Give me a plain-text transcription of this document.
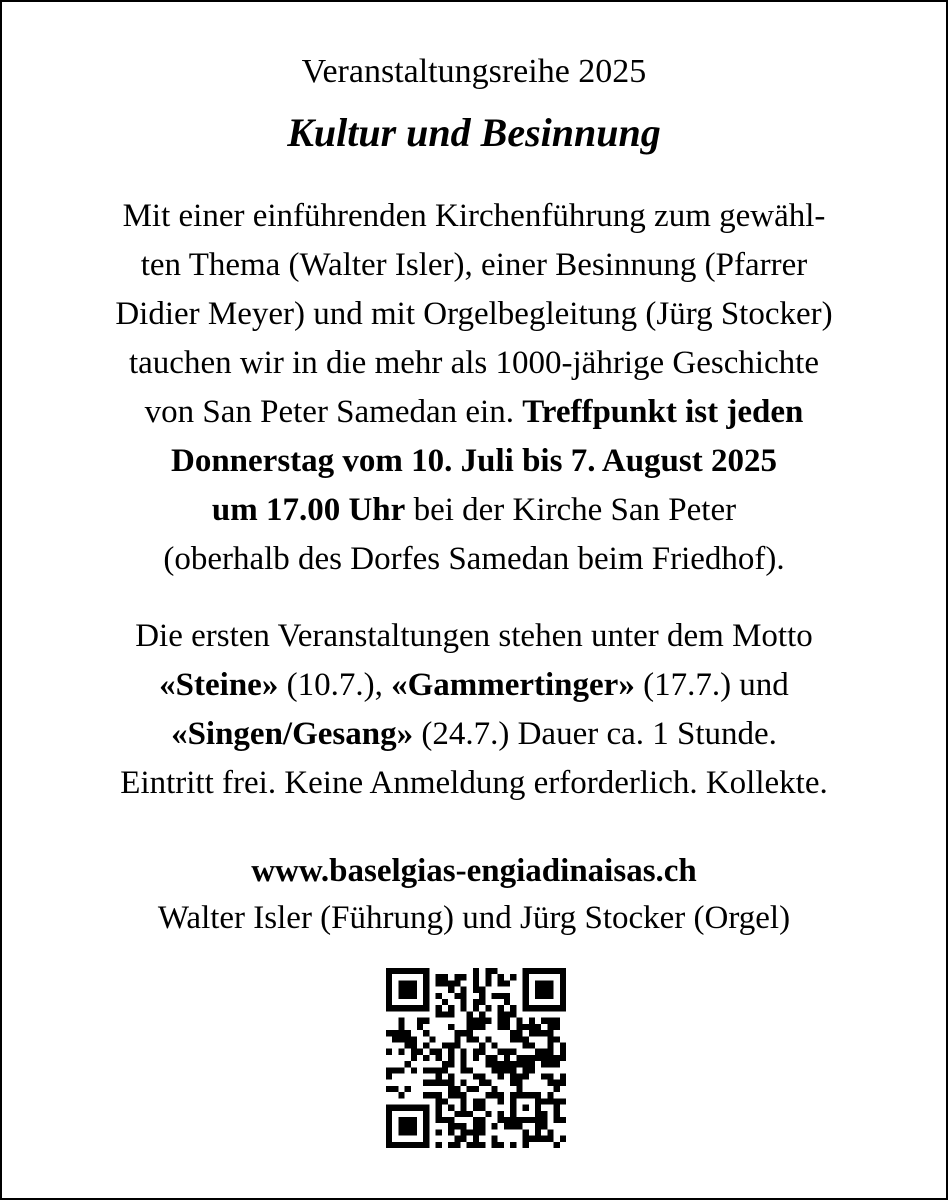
Veranstaltungsreihe 2025
Kultur und Besinnung
Mit einer einführenden Kirchenführung zum gewähl-
ten Thema (Walter Isler), einer Besinnung (Pfarrer
Didier Meyer) und mit Orgelbegleitung (Jürg Stocker)
tauchen wir in die mehr als 1000-jährige Geschichte
von San Peter Samedan ein. Treffpunkt ist jeden
Donnerstag vom 10. Juli bis 7. August 2025
um 17.00 Uhr bei der Kirche San Peter
(oberhalb des Dorfes Samedan beim Friedhof).
Die ersten Veranstaltungen stehen unter dem Motto
«Steine» (10.7.), «Gammertinger» (17.7.) und
«Singen/Gesang» (24.7.) Dauer ca. 1 Stunde.
Eintritt frei. Keine Anmeldung erforderlich. Kollekte.
www.baselgias-engiadinaisas.ch
Walter Isler (Führung) und Jürg Stocker (Orgel)
